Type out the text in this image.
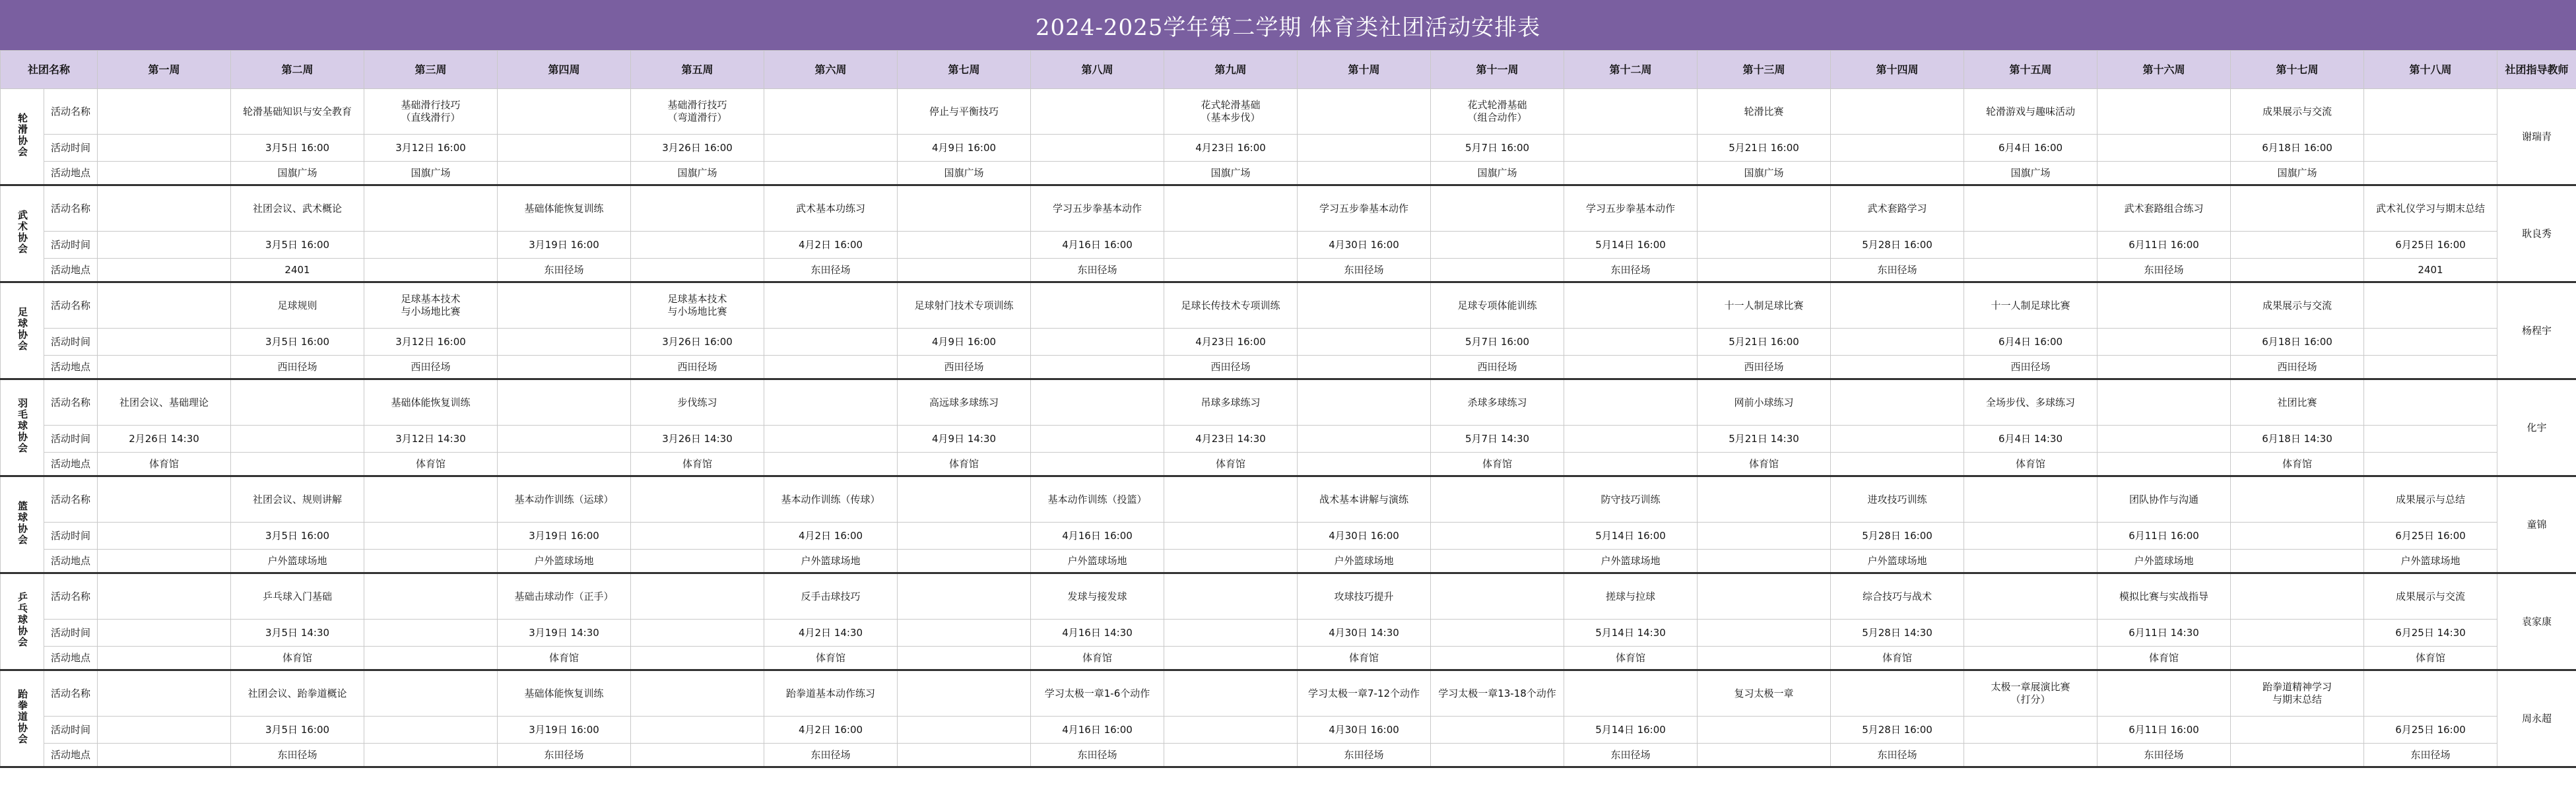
2024-2025学年第二学期 体育类社团活动安排表
社团名称		第一周	第二周	第三周	第四周	第五周	第六周	第七周	第八周	第九周	第十周	第十一周	第十二周	第十三周	第十四周	第十五周	第十六周	第十七周	第十八周	社团指导教师
轮滑协会	活动名称		轮滑基础知识与安全教育	基础滑行技巧
（直线滑行）		基础滑行技巧
（弯道滑行）		停止与平衡技巧		花式轮滑基础
（基本步伐）		花式轮滑基础
（组合动作）		轮滑比赛		轮滑游戏与趣味活动		成果展示与交流		谢瑞青
	活动时间		3月5日 16:00	3月12日 16:00		3月26日 16:00		4月9日 16:00		4月23日 16:00		5月7日 16:00		5月21日 16:00		6月4日 16:00		6月18日 16:00		
	活动地点		国旗广场	国旗广场		国旗广场		国旗广场		国旗广场		国旗广场		国旗广场		国旗广场		国旗广场		
武术协会	活动名称		社团会议、武术概论		基础体能恢复训练		武术基本功练习		学习五步拳基本动作		学习五步拳基本动作		学习五步拳基本动作		武术套路学习		武术套路组合练习		武术礼仪学习与期末总结	耿良秀
	活动时间		3月5日 16:00		3月19日 16:00		4月2日 16:00		4月16日 16:00		4月30日 16:00		5月14日 16:00		5月28日 16:00		6月11日 16:00		6月25日 16:00	
	活动地点		2401		东田径场		东田径场		东田径场		东田径场		东田径场		东田径场		东田径场		2401	
足球协会	活动名称		足球规则	足球基本技术
与小场地比赛		足球基本技术
与小场地比赛		足球射门技术专项训练		足球长传技术专项训练		足球专项体能训练		十一人制足球比赛		十一人制足球比赛		成果展示与交流		杨程宇
	活动时间		3月5日 16:00	3月12日 16:00		3月26日 16:00		4月9日 16:00		4月23日 16:00		5月7日 16:00		5月21日 16:00		6月4日 16:00		6月18日 16:00		
	活动地点		西田径场	西田径场		西田径场		西田径场		西田径场		西田径场		西田径场		西田径场		西田径场		
羽毛球协会	活动名称	社团会议、基础理论		基础体能恢复训练		步伐练习		高远球多球练习		吊球多球练习		杀球多球练习		网前小球练习		全场步伐、多球练习		社团比赛		化宇
	活动时间	2月26日 14:30		3月12日 14:30		3月26日 14:30		4月9日 14:30		4月23日 14:30		5月7日 14:30		5月21日 14:30		6月4日 14:30		6月18日 14:30		
	活动地点	体育馆		体育馆		体育馆		体育馆		体育馆		体育馆		体育馆		体育馆		体育馆		
篮球协会	活动名称		社团会议、规则讲解		基本动作训练（运球）		基本动作训练（传球）		基本动作训练（投篮）		战术基本讲解与演练		防守技巧训练		进攻技巧训练		团队协作与沟通		成果展示与总结	童锦
	活动时间		3月5日 16:00		3月19日 16:00		4月2日 16:00		4月16日 16:00		4月30日 16:00		5月14日 16:00		5月28日 16:00		6月11日 16:00		6月25日 16:00	
	活动地点		户外篮球场地		户外篮球场地		户外篮球场地		户外篮球场地		户外篮球场地		户外篮球场地		户外篮球场地		户外篮球场地		户外篮球场地	
乒乓球协会	活动名称		乒乓球入门基础		基础击球动作（正手）		反手击球技巧		发球与接发球		攻球技巧提升		搓球与拉球		综合技巧与战术		模拟比赛与实战指导		成果展示与交流	袁家康
	活动时间		3月5日 14:30		3月19日 14:30		4月2日 14:30		4月16日 14:30		4月30日 14:30		5月14日 14:30		5月28日 14:30		6月11日 14:30		6月25日 14:30	
	活动地点		体育馆		体育馆		体育馆		体育馆		体育馆		体育馆		体育馆		体育馆		体育馆	
跆拳道协会	活动名称		社团会议、跆拳道概论		基础体能恢复训练		跆拳道基本动作练习		学习太极一章1-6个动作		学习太极一章7-12个动作	学习太极一章13-18个动作		复习太极一章		太极一章展演比赛
（打分）		跆拳道精神学习
与期末总结		周永超
	活动时间		3月5日 16:00		3月19日 16:00		4月2日 16:00		4月16日 16:00		4月30日 16:00		5月14日 16:00		5月28日 16:00		6月11日 16:00		6月25日 16:00	
	活动地点		东田径场		东田径场		东田径场		东田径场		东田径场		东田径场		东田径场		东田径场		东田径场	
